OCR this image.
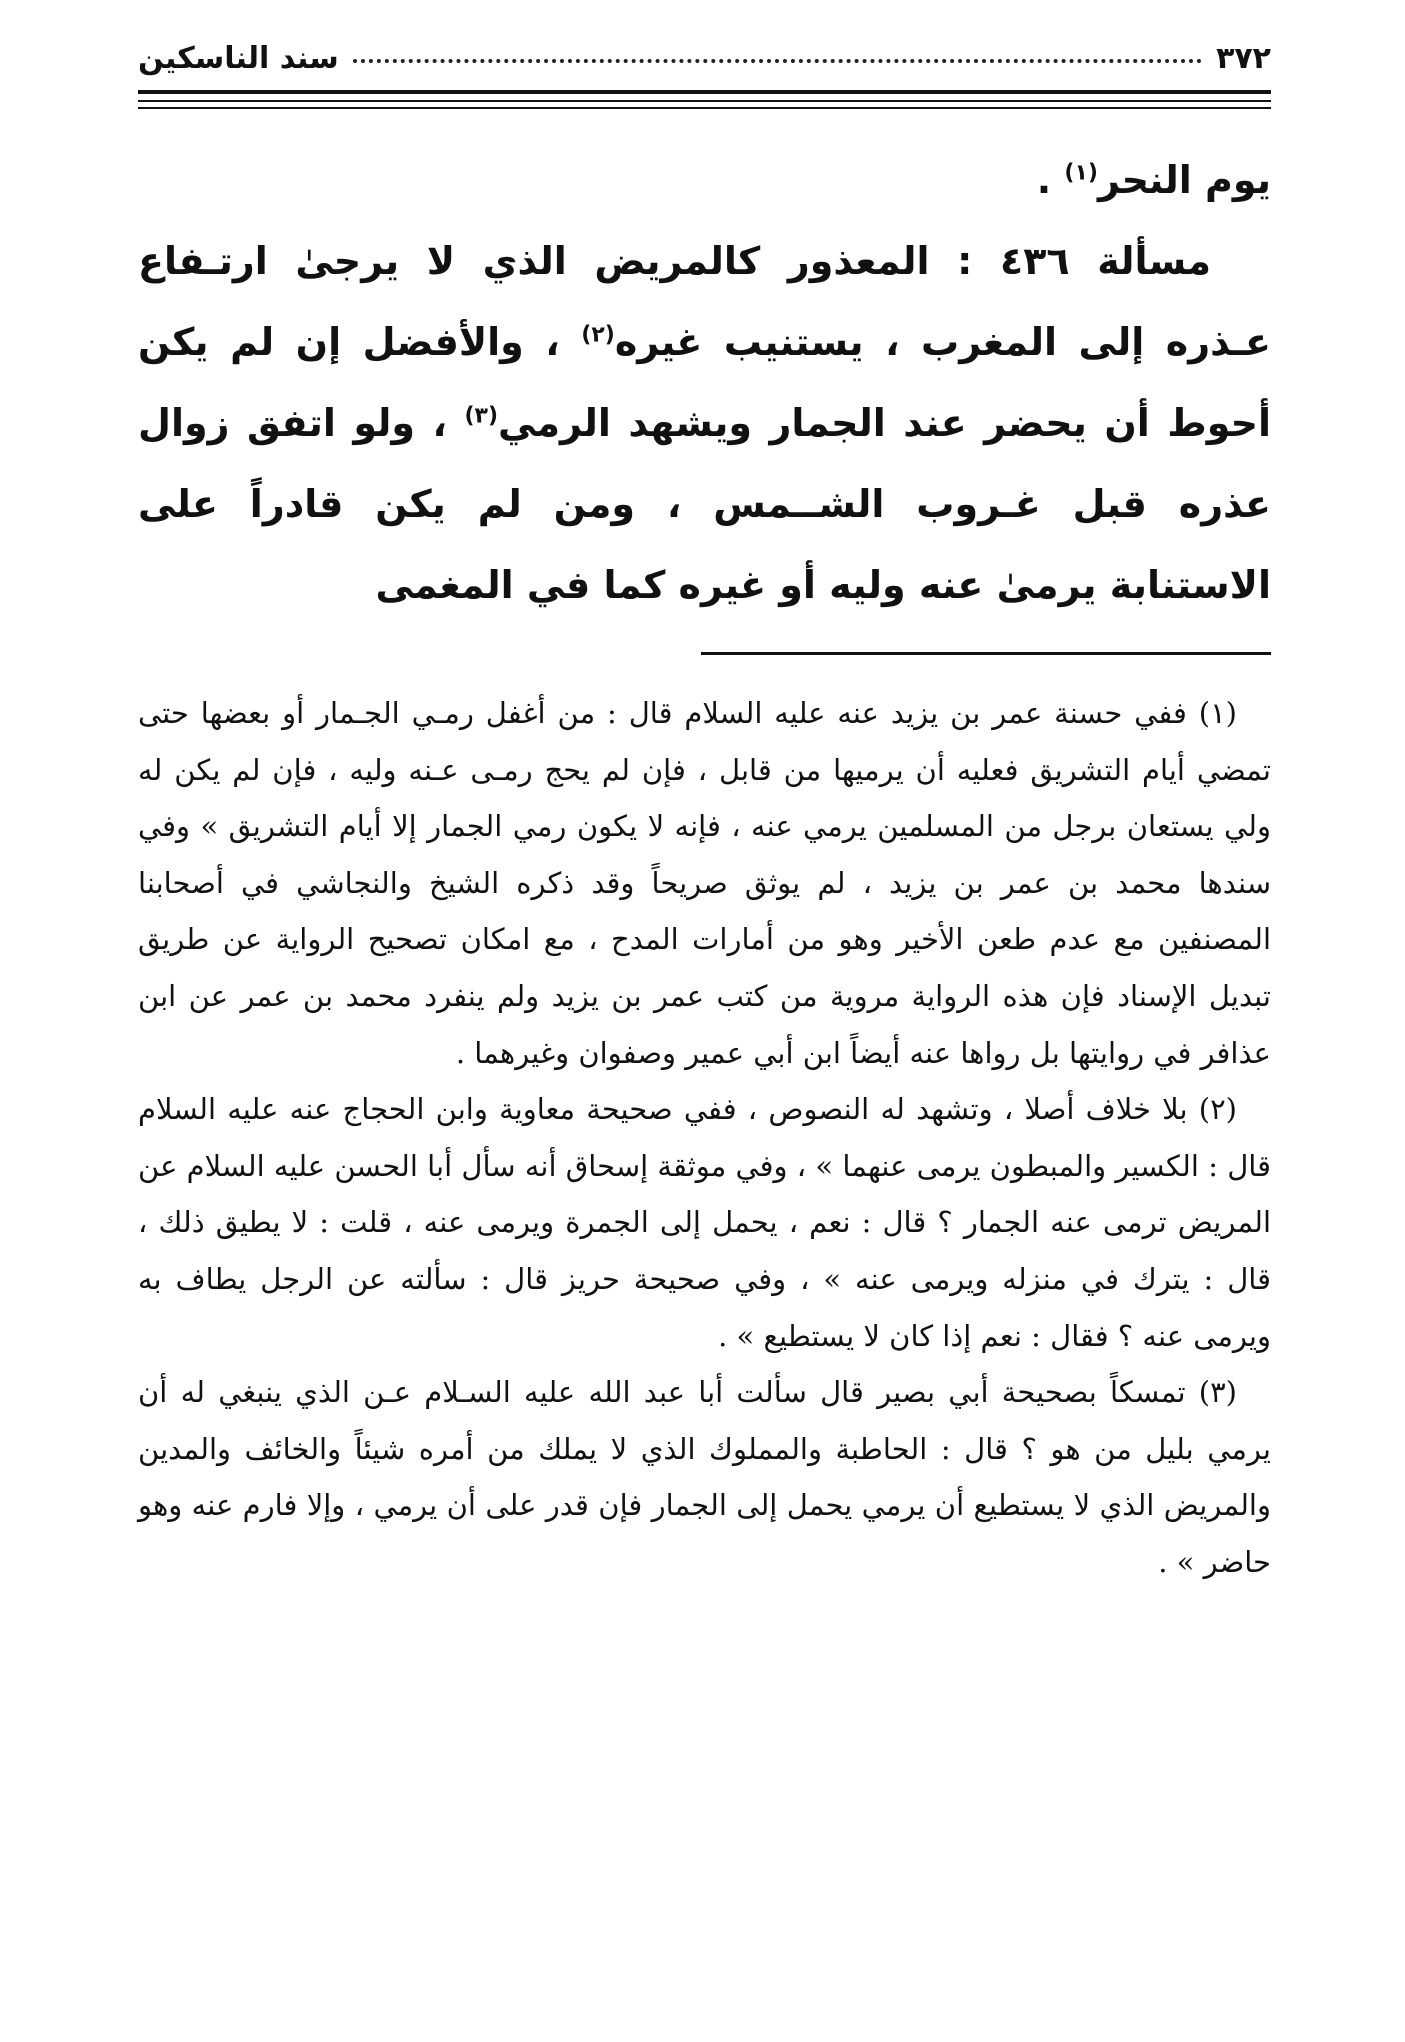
٣٧٢
سند الناسكين

يوم النحر$^{(١)}$ .

مسألة ٤٣٦ : المعذور كالمريض الذي لا يرجىٰ ارتـفاع عـذره إلى المغرب ، يستنيب غيره$^{(٢)}$ ، والأفضل إن لم يكن أحوط أن يحضر عند الجمار ويشهد الرمي$^{(٣)}$ ، ولو اتفق زوال عذره قبل غـروب الشــمس ، ومن لم يكن قادراً على الاستنابة يرمىٰ عنه وليه أو غيره كما في المغمى

(١) ففي حسنة عمر بن يزيد عنه عليه السلام قال : من أغفل رمـي الجـمار أو بعضها حتى تمضي أيام التشريق فعليه أن يرميها من قابل ، فإن لم يحج رمـى عـنه وليه ، فإن لم يكن له ولي يستعان برجل من المسلمين يرمي عنه ، فإنه لا يكون رمي الجمار إلا أيام التشريق » وفي سندها محمد بن عمر بن يزيد ، لم يوثق صريحاً وقد ذكره الشيخ والنجاشي في أصحابنا المصنفين مع عدم طعن الأخير وهو من أمارات المدح ، مع امكان تصحيح الرواية عن طريق تبديل الإسناد فإن هذه الرواية مروية من كتب عمر بن يزيد ولم ينفرد محمد بن عمر عن ابن عذافر في روايتها بل رواها عنه أيضاً ابن أبي عمير وصفوان وغيرهما .

(٢) بلا خلاف أصلا ، وتشهد له النصوص ، ففي صحيحة معاوية وابن الحجاج عنه عليه السلام قال : الكسير والمبطون يرمى عنهما » ، وفي موثقة إسحاق أنه سأل أبا الحسن عليه السلام عن المريض ترمى عنه الجمار ؟ قال : نعم ، يحمل إلى الجمرة ويرمى عنه ، قلت : لا يطيق ذلك ، قال : يترك في منزله ويرمى عنه » ، وفي صحيحة حريز قال : سألته عن الرجل يطاف به ويرمى عنه ؟ فقال : نعم إذا كان لا يستطيع » .

(٣) تمسكاً بصحيحة أبي بصير قال سألت أبا عبد الله عليه السـلام عـن الذي ينبغي له أن يرمي بليل من هو ؟ قال : الحاطبة والمملوك الذي لا يملك من أمره شيئاً والخائف والمدين والمريض الذي لا يستطيع أن يرمي يحمل إلى الجمار فإن قدر على أن يرمي ، وإلا فارم عنه وهو حاضر » .
